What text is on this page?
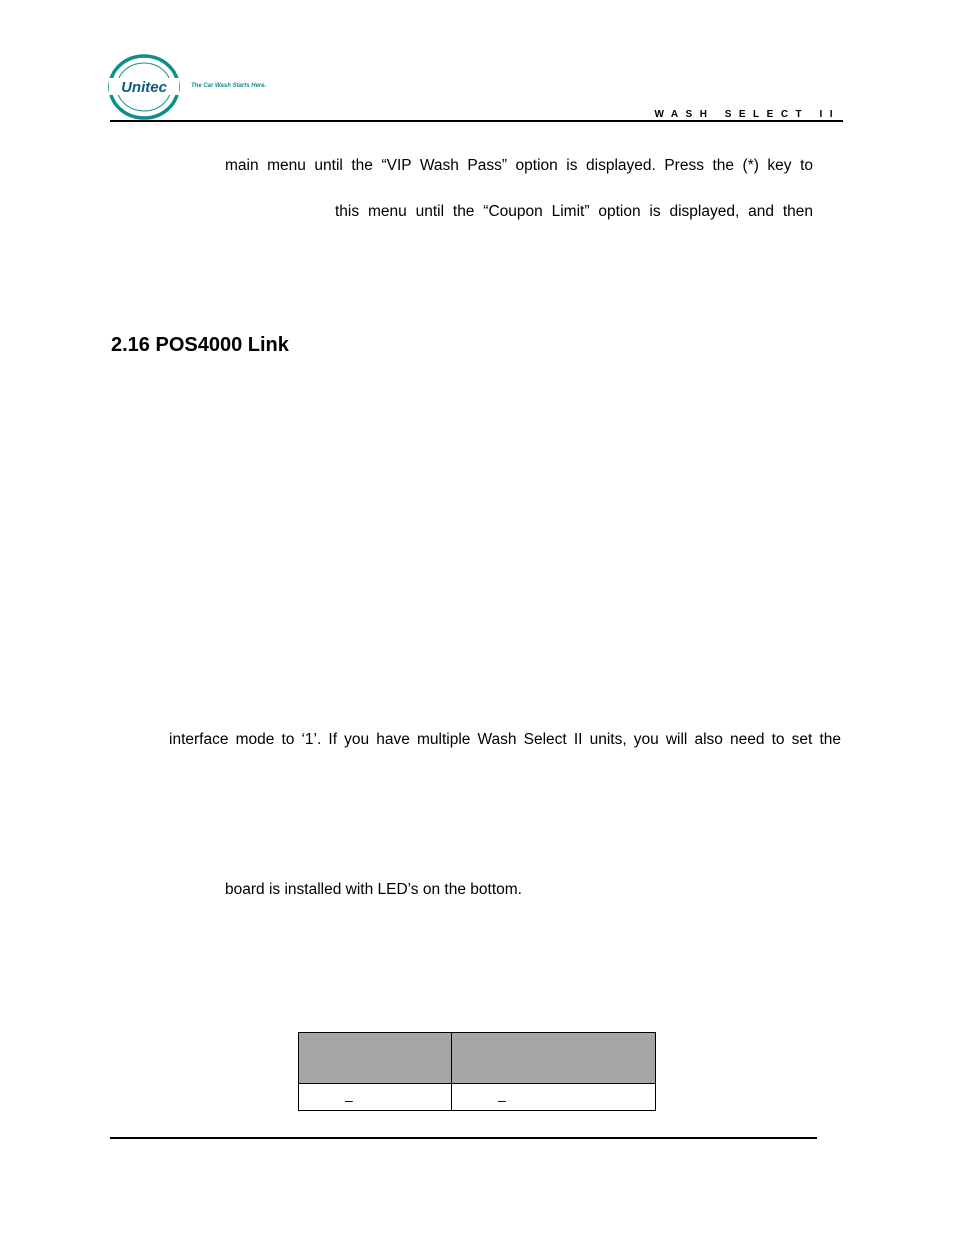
Unitec	The Car Wash Starts Here.
WASH SELECT II
main menu until the “VIP Wash Pass” option is displayed. Press the (*) key to
this menu until the “Coupon Limit” option is displayed, and then
2.16 POS4000 Link
interface mode to ‘1’. If you have multiple Wash Select II units, you will also need to set the
board is installed with LED’s on the bottom.

–	–
